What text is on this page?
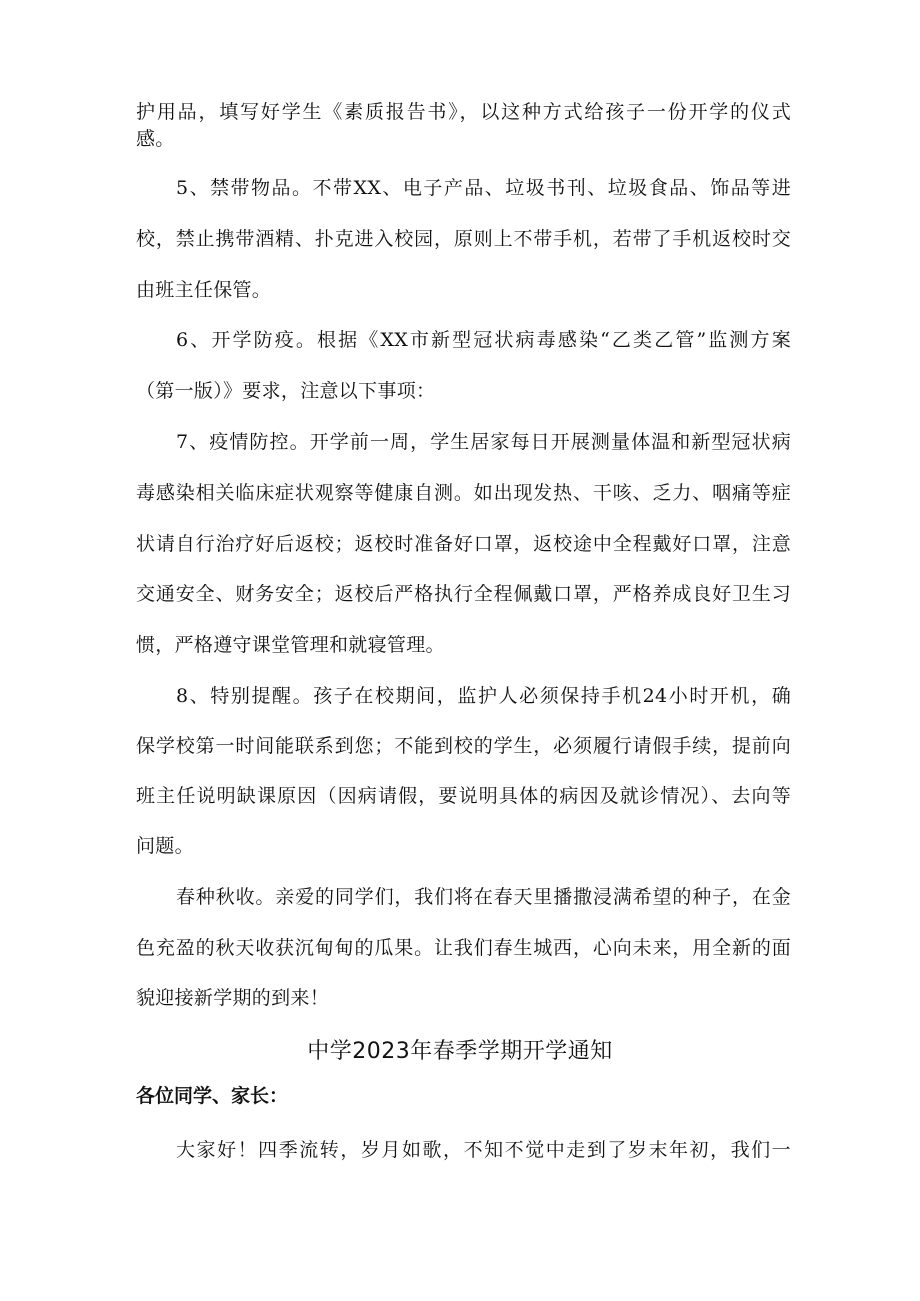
护用品，填写好学生《素质报告书》，以这种方式给孩子一份开学的仪式
感。
5、禁带物品。不带XX、电子产品、垃圾书刊、垃圾食品、饰品等进
校，禁止携带酒精、扑克进入校园，原则上不带手机，若带了手机返校时交
由班主任保管。
6、开学防疫。根据《XX市新型冠状病毒感染“乙类乙管”监测方案
（第一版）》要求，注意以下事项：
7、疫情防控。开学前一周，学生居家每日开展测量体温和新型冠状病
毒感染相关临床症状观察等健康自测。如出现发热、干咳、乏力、咽痛等症
状请自行治疗好后返校；返校时准备好口罩，返校途中全程戴好口罩，注意
交通安全、财务安全；返校后严格执行全程佩戴口罩，严格养成良好卫生习
惯，严格遵守课堂管理和就寝管理。
8、特别提醒。孩子在校期间，监护人必须保持手机24小时开机，确
保学校第一时间能联系到您；不能到校的学生，必须履行请假手续，提前向
班主任说明缺课原因（因病请假，要说明具体的病因及就诊情况）、去向等
问题。
春种秋收。亲爱的同学们，我们将在春天里播撒浸满希望的种子，在金
色充盈的秋天收获沉甸甸的瓜果。让我们春生城西，心向未来，用全新的面
貌迎接新学期的到来！
中学2023年春季学期开学通知
各位同学、家长：
大家好！四季流转，岁月如歌，不知不觉中走到了岁末年初，我们一
